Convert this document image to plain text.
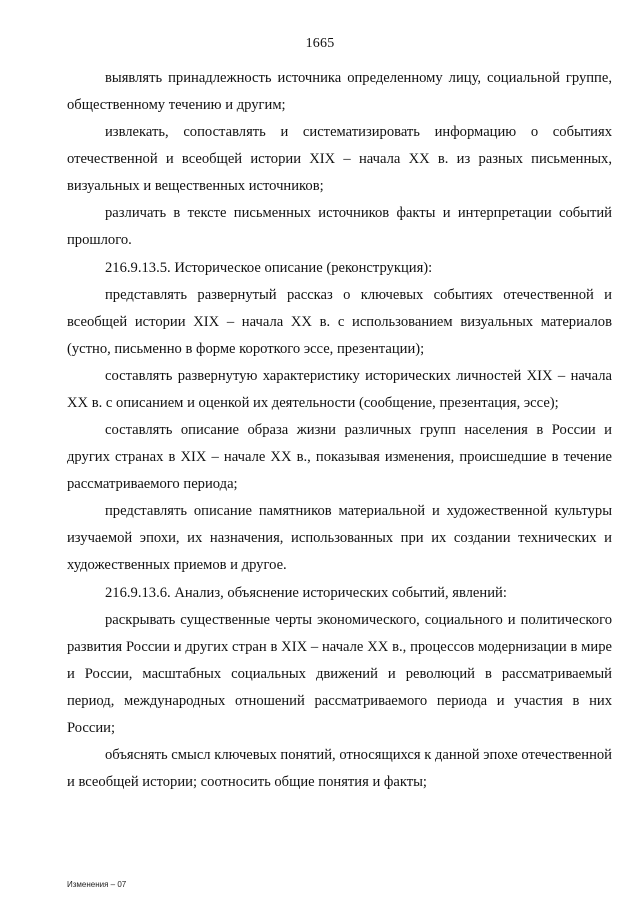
1665

выявлять принадлежность источника определенному лицу, социальной группе, общественному течению и другим;

извлекать, сопоставлять и систематизировать информацию о событиях отечественной и всеобщей истории XIX – начала XX в. из разных письменных, визуальных и вещественных источников;

различать в тексте письменных источников факты и интерпретации событий прошлого.

216.9.13.5. Историческое описание (реконструкция):

представлять развернутый рассказ о ключевых событиях отечественной и всеобщей истории XIX – начала XX в. с использованием визуальных материалов (устно, письменно в форме короткого эссе, презентации);

составлять развернутую характеристику исторических личностей XIX – начала XX в. с описанием и оценкой их деятельности (сообщение, презентация, эссе);

составлять описание образа жизни различных групп населения в России и других странах в XIX – начале XX в., показывая изменения, происшедшие в течение рассматриваемого периода;

представлять описание памятников материальной и художественной культуры изучаемой эпохи, их назначения, использованных при их создании технических и художественных приемов и другое.

216.9.13.6. Анализ, объяснение исторических событий, явлений:

раскрывать существенные черты экономического, социального и политического развития России и других стран в XIX – начале XX в., процессов модернизации в мире и России, масштабных социальных движений и революций в рассматриваемый период, международных отношений рассматриваемого периода и участия в них России;

объяснять смысл ключевых понятий, относящихся к данной эпохе отечественной и всеобщей истории; соотносить общие понятия и факты;

Изменения – 07
